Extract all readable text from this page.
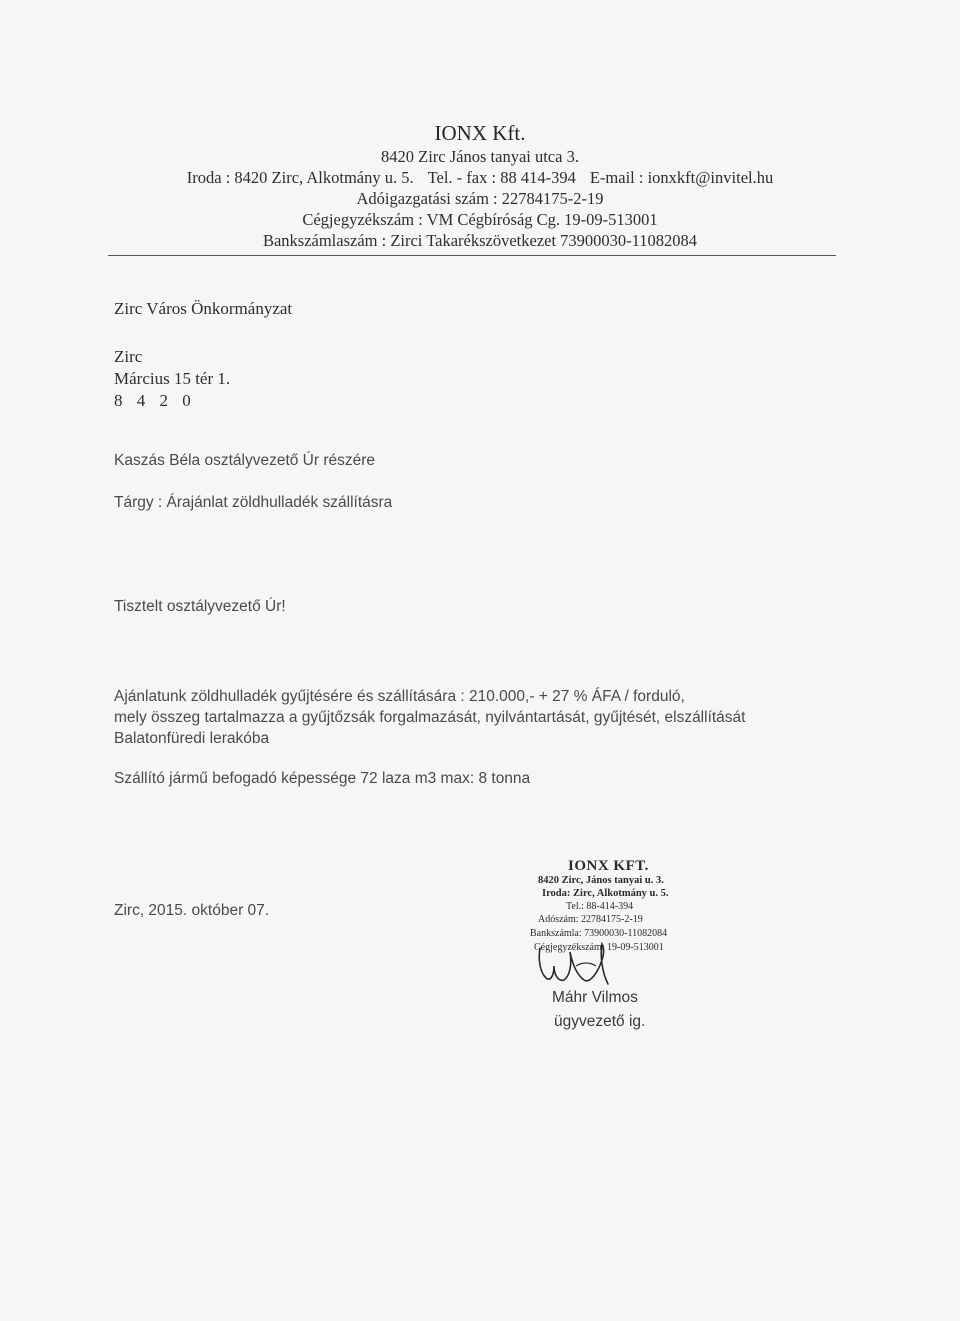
IONX Kft.
8420 Zirc János tanyai utca 3.
Iroda : 8420 Zirc, Alkotmány u. 5. Tel. - fax : 88 414-394 E-mail : ionxkft@invitel.hu
Adóigazgatási szám : 22784175-2-19
Cégjegyzékszám : VM Cégbíróság Cg. 19-09-513001
Bankszámlaszám : Zirci Takarékszövetkezet 73900030-11082084
Zirc Város Önkormányzat
Zirc
Március 15 tér 1.
8 4 2 0
Kaszás Béla osztályvezető Úr részére
Tárgy : Árajánlat zöldhulladék szállításra
Tisztelt osztályvezető Úr!
Ajánlatunk zöldhulladék gyűjtésére és szállítására : 210.000,- + 27 % ÁFA / forduló,
mely összeg tartalmazza a gyűjtőzsák forgalmazását, nyilvántartását, gyűjtését, elszállítását
Balatonfüredi lerakóba
Szállító jármű befogadó képessége 72 laza m3 max: 8 tonna
Zirc, 2015. október 07.
IONX KFT.
8420 Zirc, János tanyai u. 3.
Iroda: Zirc, Alkotmány u. 5.
Tel.: 88-414-394
Adószám: 22784175-2-19
Bankszámla: 73900030-11082084
Cégjegyzékszám: 19-09-513001
Máhr Vilmos
ügyvezető ig.
